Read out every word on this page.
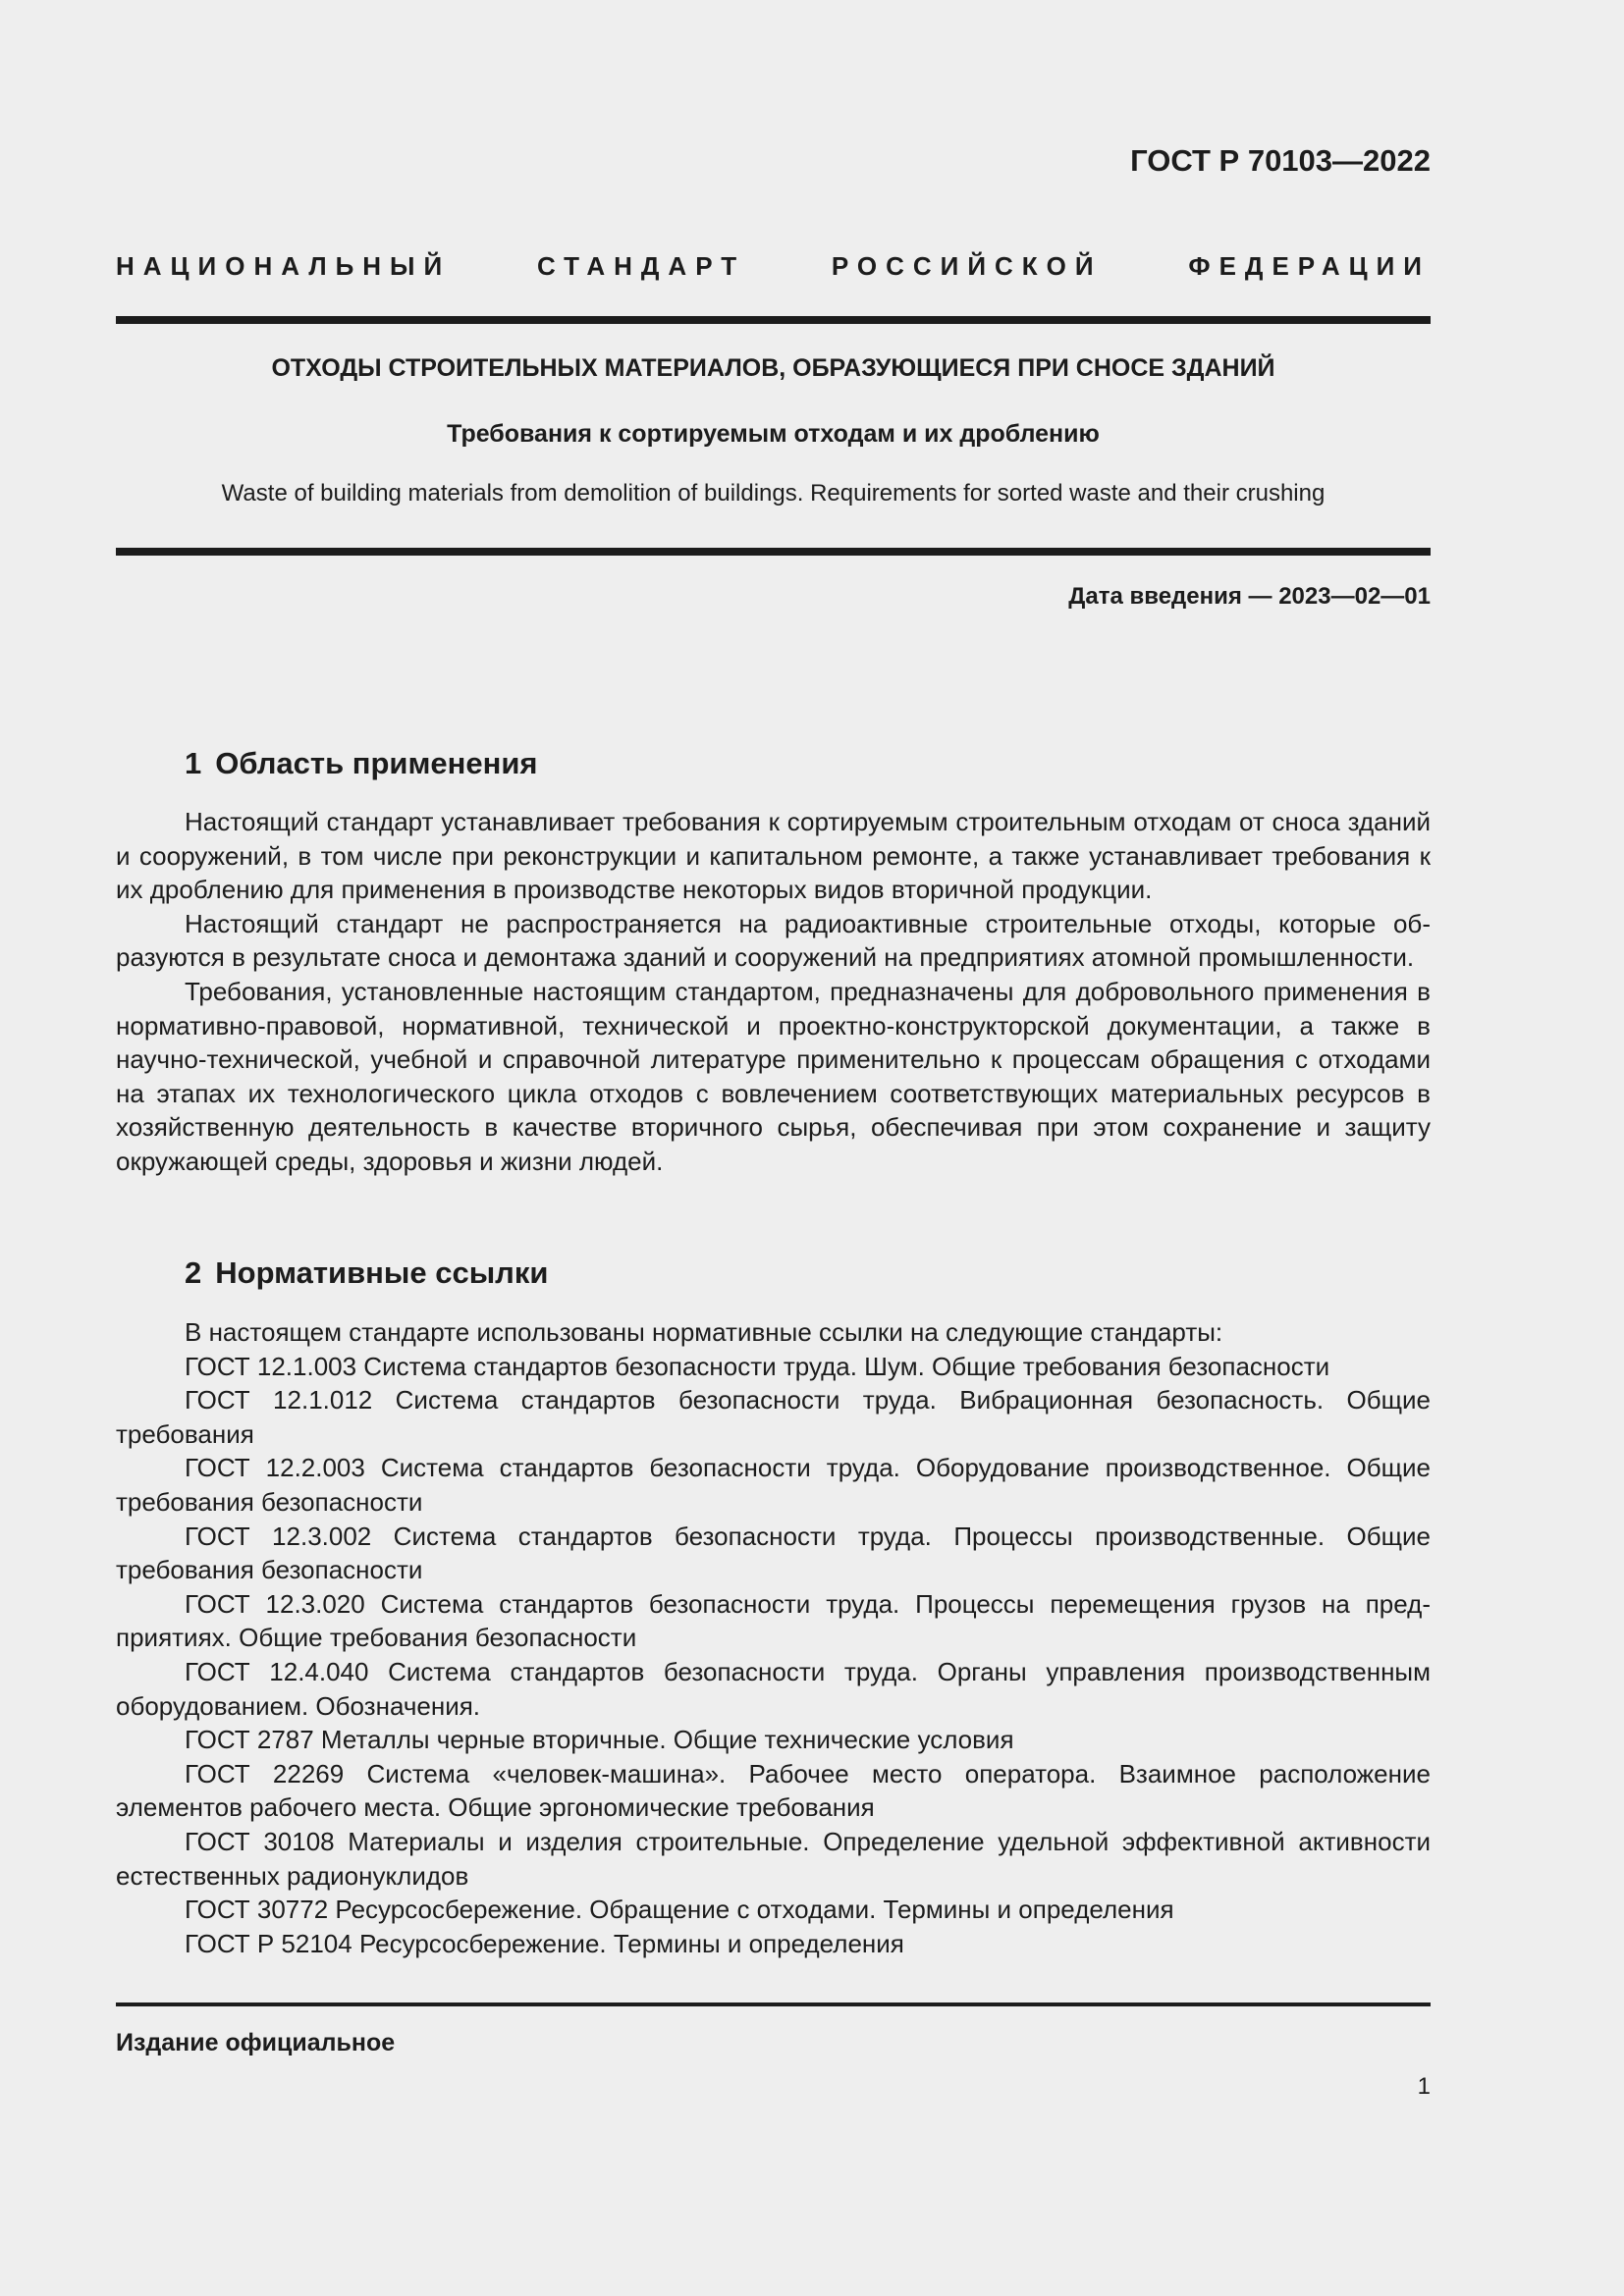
ГОСТ Р 70103—2022
НАЦИОНАЛЬНЫЙ СТАНДАРТ РОССИЙСКОЙ ФЕДЕРАЦИИ
ОТХОДЫ СТРОИТЕЛЬНЫХ МАТЕРИАЛОВ, ОБРАЗУЮЩИЕСЯ ПРИ СНОСЕ ЗДАНИЙ
Требования к сортируемым отходам и их дроблению
Waste of building materials from demolition of buildings. Requirements for sorted waste and their crushing
Дата введения — 2023—02—01
1 Область применения

Настоящий стандарт устанавливает требования к сортируемым строительным отходам от сноса зданий и сооружений, в том числе при реконструкции и капитальном ремонте, а также устанавливает требования к их дроблению для применения в производстве некоторых видов вторичной продукции.

Настоящий стандарт не распространяется на радиоактивные строительные отходы, которые образуются в результате сноса и демонтажа зданий и сооружений на предприятиях атомной промышленности.

Требования, установленные настоящим стандартом, предназначены для добровольного применения в нормативно-правовой, нормативной, технической и проектно-конструкторской документации, а также в научно-технической, учебной и справочной литературе применительно к процессам обращения с отходами на этапах их технологического цикла отходов с вовлечением соответствующих материальных ресурсов в хозяйственную деятельность в качестве вторичного сырья, обеспечивая при этом сохранение и защиту окружающей среды, здоровья и жизни людей.

2 Нормативные ссылки

В настоящем стандарте использованы нормативные ссылки на следующие стандарты:

ГОСТ 12.1.003 Система стандартов безопасности труда. Шум. Общие требования безопасности

ГОСТ 12.1.012 Система стандартов безопасности труда. Вибрационная безопасность. Общие требования

ГОСТ 12.2.003 Система стандартов безопасности труда. Оборудование производственное. Общие требования безопасности

ГОСТ 12.3.002 Система стандартов безопасности труда. Процессы производственные. Общие требования безопасности

ГОСТ 12.3.020 Система стандартов безопасности труда. Процессы перемещения грузов на предприятиях. Общие требования безопасности

ГОСТ 12.4.040 Система стандартов безопасности труда. Органы управления производственным оборудованием. Обозначения.

ГОСТ 2787 Металлы черные вторичные. Общие технические условия

ГОСТ 22269 Система «человек-машина». Рабочее место оператора. Взаимное расположение элементов рабочего места. Общие эргономические требования

ГОСТ 30108 Материалы и изделия строительные. Определение удельной эффективной активности естественных радионуклидов

ГОСТ 30772 Ресурсосбережение. Обращение с отходами. Термины и определения

ГОСТ Р 52104 Ресурсосбережение. Термины и определения

Издание официальное
1
